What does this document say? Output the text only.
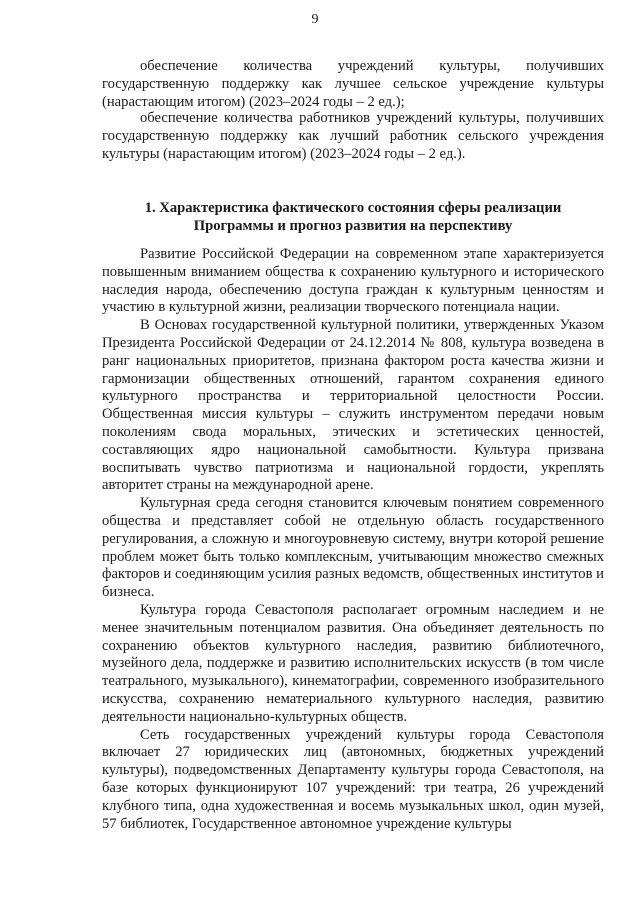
9

обеспечение количества учреждений культуры, получивших государственную поддержку как лучшее сельское учреждение культуры (нарастающим итогом) (2023–2024 годы – 2 ед.);

обеспечение количества работников учреждений культуры, получивших государственную поддержку как лучший работник сельского учреждения культуры (нарастающим итогом) (2023–2024 годы – 2 ед.).

1. Характеристика фактического состояния сферы реализации
Программы и прогноз развития на перспективу

Развитие Российской Федерации на современном этапе характеризуется повышенным вниманием общества к сохранению культурного и исторического наследия народа, обеспечению доступа граждан к культурным ценностям и участию в культурной жизни, реализации творческого потенциала нации.

В Основах государственной культурной политики, утвержденных Указом Президента Российской Федерации от 24.12.2014 № 808, культура возведена в ранг национальных приоритетов, признана фактором роста качества жизни и гармонизации общественных отношений, гарантом сохранения единого культурного пространства и территориальной целостности России. Общественная миссия культуры – служить инструментом передачи новым поколениям свода моральных, этических и эстетических ценностей, составляющих ядро национальной самобытности. Культура призвана воспитывать чувство патриотизма и национальной гордости, укреплять авторитет страны на международной арене.

Культурная среда сегодня становится ключевым понятием современного общества и представляет собой не отдельную область государственного регулирования, а сложную и многоуровневую систему, внутри которой решение проблем может быть только комплексным, учитывающим множество смежных факторов и соединяющим усилия разных ведомств, общественных институтов и бизнеса.

Культура города Севастополя располагает огромным наследием и не менее значительным потенциалом развития. Она объединяет деятельность по сохранению объектов культурного наследия, развитию библиотечного, музейного дела, поддержке и развитию исполнительских искусств (в том числе театрального, музыкального), кинематографии, современного изобразительного искусства, сохранению нематериального культурного наследия, развитию деятельности национально-культурных обществ.

Сеть государственных учреждений культуры города Севастополя включает 27 юридических лиц (автономных, бюджетных учреждений культуры), подведомственных Департаменту культуры города Севастополя, на базе которых функционируют 107 учреждений: три театра, 26 учреждений клубного типа, одна художественная и восемь музыкальных школ, один музей, 57 библиотек, Государственное автономное учреждение культуры
